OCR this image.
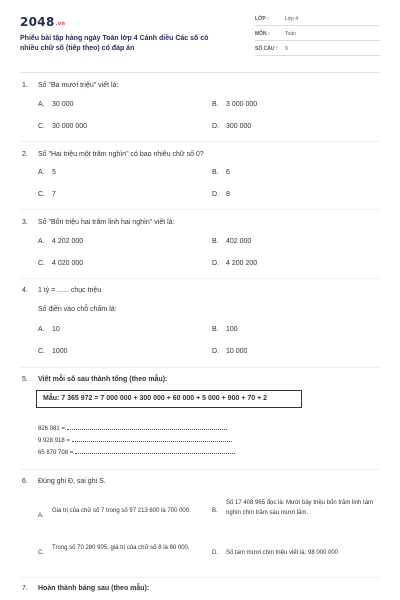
2048.vn
Phiếu bài tập hàng ngày Toán lớp 4 Cánh diều Các số có nhiều chữ số (tiếp theo) có đáp án
LỚP :	Lớp 4
MÔN :	Toán
SỐ CÂU : 9
1. Số "Ba mươi triệu" viết là:
A. 30 000	B. 3 000 000
C. 30 000 000	D. 300 000
2. Số "Hai triệu một trăm nghìn" có bao nhiêu chữ số 0?
A. 5	B. 6
C. 7	D. 8
3. Số "Bốn triệu hai trăm linh hai nghìn" viết là:
A. 4 202 000	B. 402 000
C. 4 020 000	D. 4 200 200
4. 1 tỷ = ...... chục triệu
Số điền vào chỗ chấm là:
A. 10	B. 100
C. 1000	D. 10 000
5. Viết mỗi số sau thành tổng (theo mẫu):
Mẫu: 7 365 972 = 7 000 000 + 300 000 + 60 000 + 5 000 + 900 + 70 + 2
826 081 =
9 928 918 =
65 870 708 =
6. Đúng ghi Đ, sai ghi S.
A.
Giá trị của chữ số 7 trong số 97 213 600 là 700 000.	B.
Số 17 408 965 đọc là: Mười bảy triệu bốn trăm linh tám nghìn chín trăm sáu mươi lăm.
C.
Trong số 70 280 905, giá trị của chữ số 8 là 80 000.
D. Số tám mươi chín triệu viết là: 98 000 000
7. Hoàn thành bảng sau (theo mẫu):
